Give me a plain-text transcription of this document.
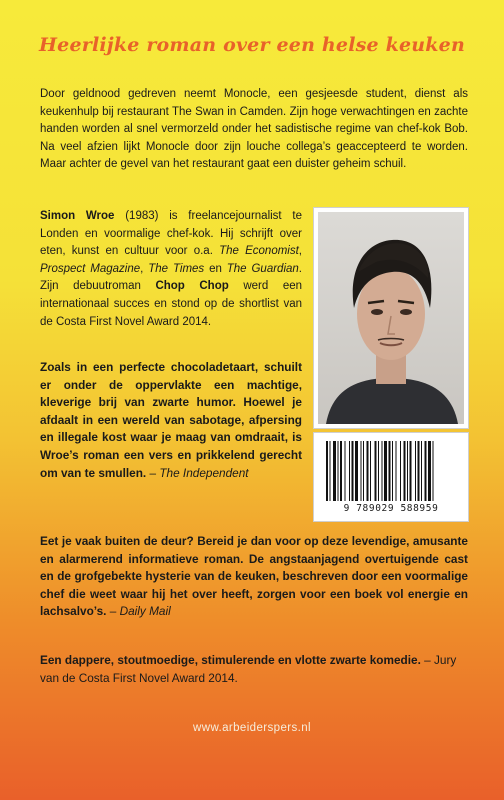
Heerlijke roman over een helse keuken

Door geldnood gedreven neemt Monocle, een gesjeesde student, dienst als keukenhulp bij restaurant The Swan in Camden. Zijn hoge verwachtingen en zachte handen worden al snel vermorzeld onder het sadistische regime van chef-kok Bob. Na veel afzien lijkt Monocle door zijn louche collega’s geaccepteerd te worden. Maar achter de gevel van het restaurant gaat een duister geheim schuil.

Simon Wroe (1983) is freelancejournalist te Londen en voormalige chef-kok. Hij schrijft over eten, kunst en cultuur voor o.a. The Economist, Prospect Magazine, The Times en The Guardian. Zijn debuutroman Chop Chop werd een internationaal succes en stond op de shortlist van de Costa First Novel Award 2014.

9 789029 588959

Zoals in een perfecte chocoladetaart, schuilt er onder de oppervlakte een machtige, kleverige brij van zwarte humor. Hoewel je afdaalt in een wereld van sabotage, afpersing en illegale kost waar je maag van omdraait, is Wroe’s roman een vers en prikkelend gerecht om van te smullen. – The Independent

Eet je vaak buiten de deur? Bereid je dan voor op deze levendige, amusante en alarmerend informatieve roman. De angstaanjagend overtuigende cast en de grofgebekte hysterie van de keuken, beschreven door een voormalige chef die weet waar hij het over heeft, zorgen voor een boek vol energie en lachsalvo’s. – Daily Mail

Een dappere, stoutmoedige, stimulerende en vlotte zwarte komedie. – Jury van de Costa First Novel Award 2014.

www.arbeiderspers.nl
